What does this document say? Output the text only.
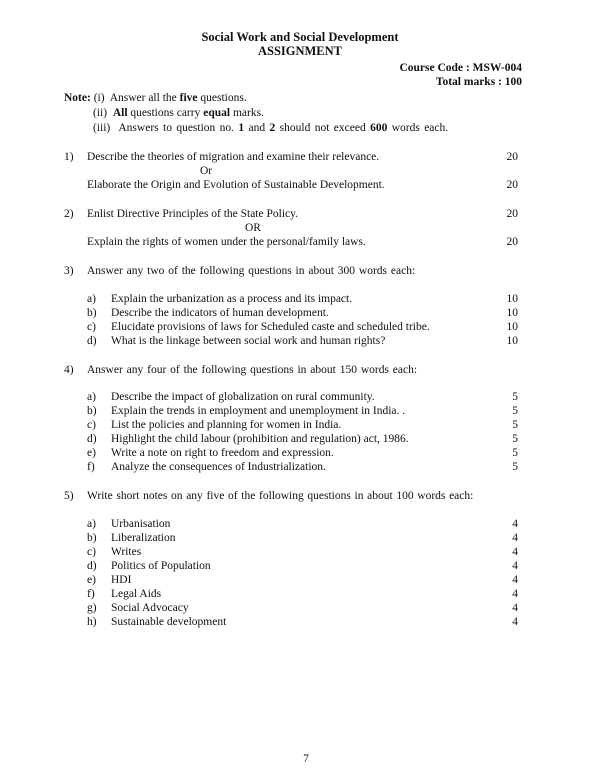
Social Work and Social Development
ASSIGNMENT
Course Code : MSW-004
Total marks : 100
Note: (i) Answer all the five questions.
(ii) All questions carry equal marks.
(iii) Answers to question no. 1 and 2 should not exceed 600 words each.
1) Describe the theories of migration and examine their relevance.	20
Or
Elaborate the Origin and Evolution of Sustainable Development.	20
2) Enlist Directive Principles of the State Policy.	20
OR
Explain the rights of women under the personal/family laws.	20
3) Answer any two of the following questions in about 300 words each:
a) Explain the urbanization as a process and its impact.	10
b) Describe the indicators of human development.	10
c) Elucidate provisions of laws for Scheduled caste and scheduled tribe.	10
d) What is the linkage between social work and human rights?	10
4) Answer any four of the following questions in about 150 words each:
a) Describe the impact of globalization on rural community.	5
b) Explain the trends in employment and unemployment in India. .	5
c) List the policies and planning for women in India.	5
d) Highlight the child labour (prohibition and regulation) act, 1986.	5
e) Write a note on right to freedom and expression.	5
f) Analyze the consequences of Industrialization.	5
5) Write short notes on any five of the following questions in about 100 words each:
a) Urbanisation	4
b) Liberalization	4
c) Writes	4
d) Politics of Population	4
e) HDI	4
f) Legal Aids	4
g) Social Advocacy	4
h) Sustainable development	4
7
